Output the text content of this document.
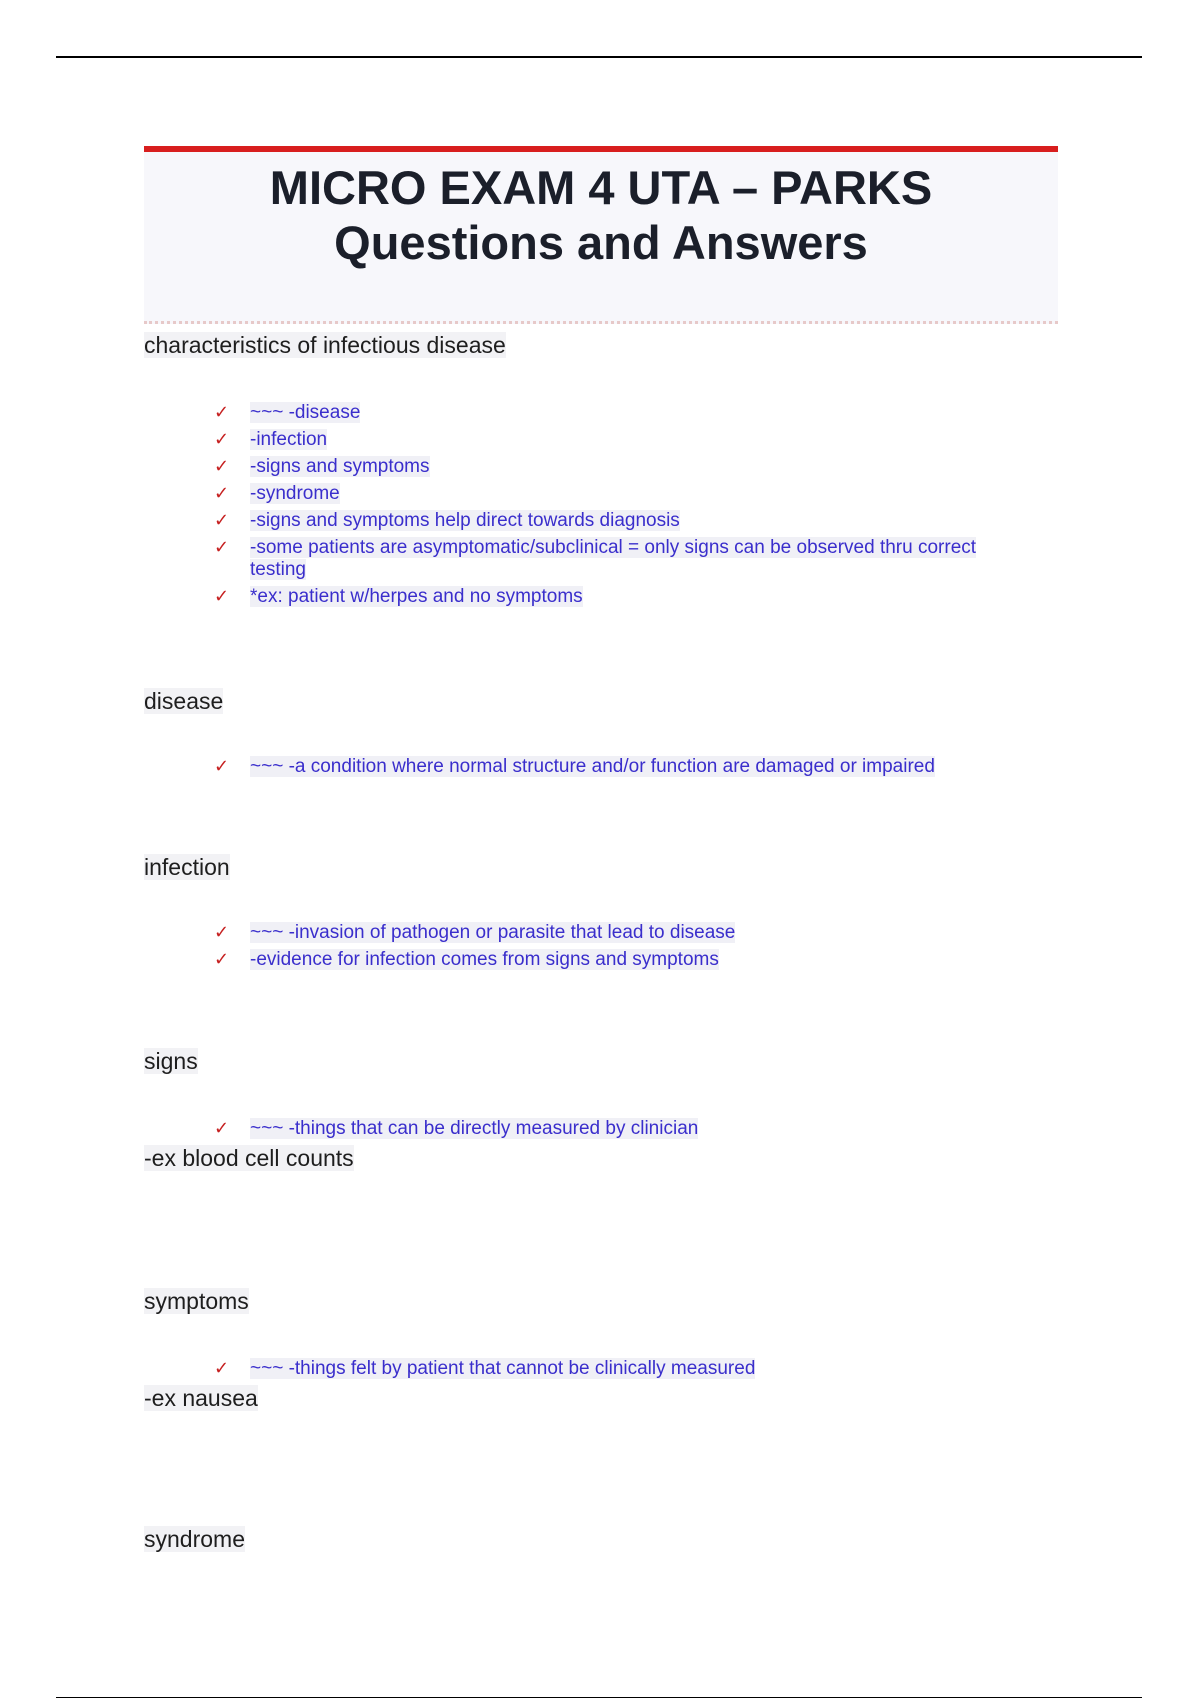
MICRO EXAM 4 UTA – PARKS
Questions and Answers
characteristics of infectious disease
✓ ~~~ -disease
✓ -infection
✓ -signs and symptoms
✓ -syndrome
✓ -signs and symptoms help direct towards diagnosis
✓ -some patients are asymptomatic/subclinical = only signs can be observed thru correct testing
✓ *ex: patient w/herpes and no symptoms
disease
✓ ~~~ -a condition where normal structure and/or function are damaged or impaired
infection
✓ ~~~ -invasion of pathogen or parasite that lead to disease
✓ -evidence for infection comes from signs and symptoms
signs
✓ ~~~ -things that can be directly measured by clinician
-ex blood cell counts
symptoms
✓ ~~~ -things felt by patient that cannot be clinically measured
-ex nausea
syndrome
